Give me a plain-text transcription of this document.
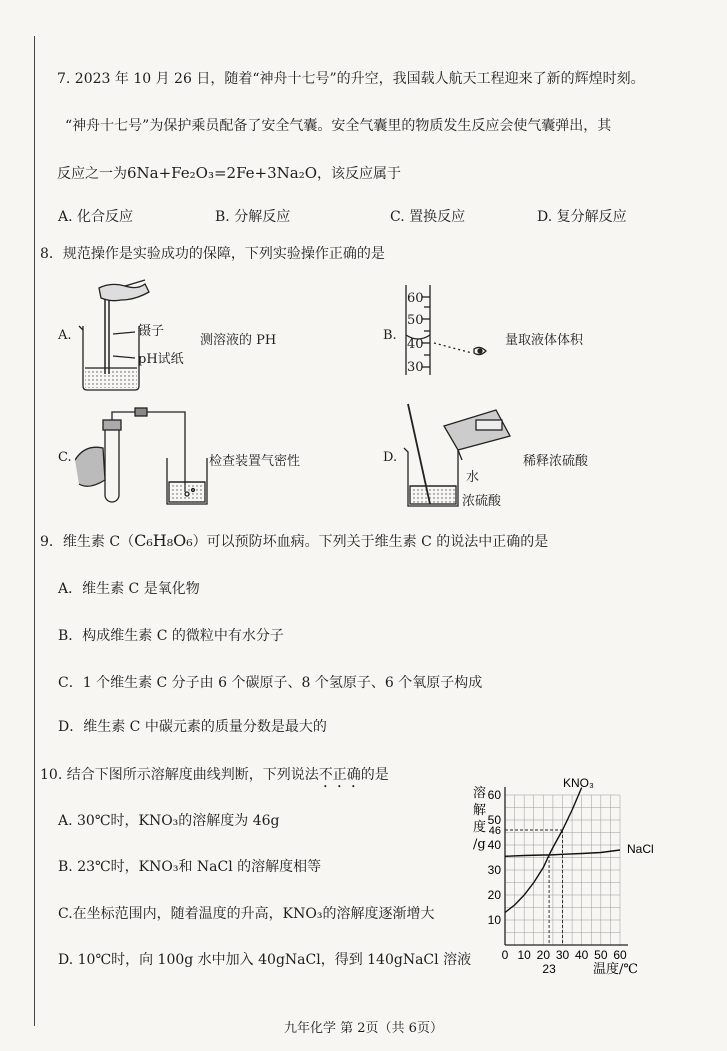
7. 2023 年 10 月 26 日，随着“神舟十七号”的升空，我国载人航天工程迎来了新的辉煌时刻。
“神舟十七号”为保护乘员配备了安全气囊。安全气囊里的物质发生反应会使气囊弹出，其
反应之一为6Na+Fe₂O₃=2Fe+3Na₂O，该反应属于
A. 化合反应	B. 分解反应	C. 置换反应	D. 复分解反应
8．规范操作是实验成功的保障，下列实验操作正确的是
A.	镊子
pH试纸
测溶液的 PH	B.
60
50
40
30
量取液体体积
C.	检查装置气密性	D.
水
浓硫酸
稀释浓硫酸
9．维生素 C（C₆H₈O₆）可以预防坏血病。下列关于维生素 C 的说法中正确的是
A．维生素 C 是氧化物
B．构成维生素 C 的微粒中有水分子
C．1 个维生素 C 分子由 6 个碳原子、8 个氢原子、6 个氧原子构成
D．维生素 C 中碳元素的质量分数是最大的
10. 结合下图所示溶解度曲线判断，下列说法不正确的是
A. 30℃时，KNO₃的溶解度为 46g
B. 23℃时，KNO₃和 NaCl 的溶解度相等
C.在坐标范围内，随着温度的升高，KNO₃的溶解度逐渐增大
D. 10℃时，向 100g 水中加入 40gNaCl，得到 140gNaCl 溶液	0 10 20 30 40 50 60
10
20
30
40
50
60
23
46
溶解度/g
温度/℃
KNO₃
NaCl
九年化学 第 2页（共 6页）
